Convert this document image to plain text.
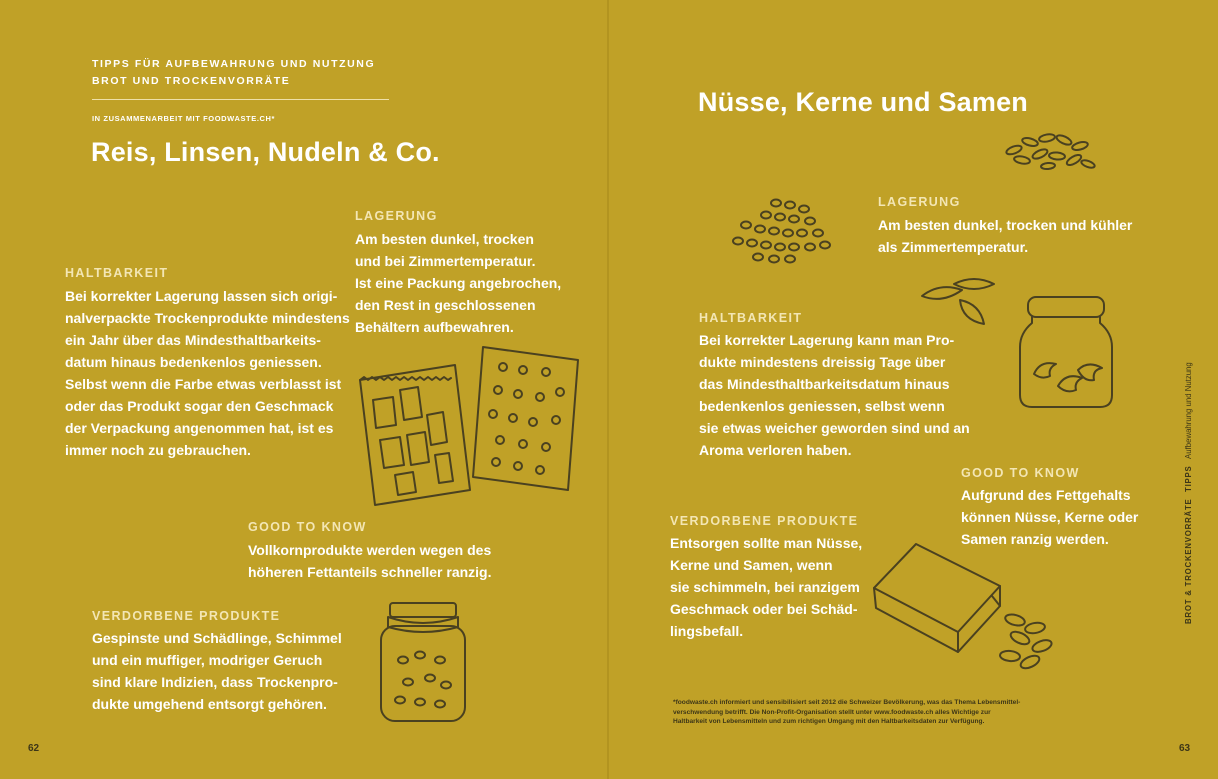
TIPPS FÜR AUFBEWAHRUNG UND NUTZUNG
BROT UND TROCKENVORRÄTE
IN ZUSAMMENARBEIT MIT FOODWASTE.CH*
Reis, Linsen, Nudeln & Co.
LAGERUNG
Am besten dunkel, trocken
und bei Zimmertemperatur.
Ist eine Packung angebrochen,
den Rest in geschlossenen
Behältern aufbewahren.
HALTBARKEIT
Bei korrekter Lagerung lassen sich origi-
nalverpackte Trockenprodukte mindestens
ein Jahr über das Mindesthaltbarkeits-
datum hinaus bedenkenlos geniessen.
Selbst wenn die Farbe etwas verblasst ist
oder das Produkt sogar den Geschmack
der Verpackung angenommen hat, ist es
immer noch zu gebrauchen.
GOOD TO KNOW
Vollkornprodukte werden wegen des
höheren Fettanteils schneller ranzig.
VERDORBENE PRODUKTE
Gespinste und Schädlinge, Schimmel
und ein muffiger, modriger Geruch
sind klare Indizien, dass Trockenpro-
dukte umgehend entsorgt gehören.
62
Nüsse, Kerne und Samen
LAGERUNG
Am besten dunkel, trocken und kühler
als Zimmertemperatur.
HALTBARKEIT
Bei korrekter Lagerung kann man Pro-
dukte mindestens dreissig Tage über
das Mindesthaltbarkeitsdatum hinaus
bedenkenlos geniessen, selbst wenn
sie etwas weicher geworden sind und an
Aroma verloren haben.
GOOD TO KNOW
Aufgrund des Fettgehalts
können Nüsse, Kerne oder
Samen ranzig werden.
VERDORBENE PRODUKTE
Entsorgen sollte man Nüsse,
Kerne und Samen, wenn
sie schimmeln, bei ranzigem
Geschmack oder bei Schäd-
lingsbefall.
*foodwaste.ch informiert und sensibilisiert seit 2012 die Schweizer Bevölkerung, was das Thema Lebensmittel-
verschwendung betrifft. Die Non-Profit-Organisation stellt unter www.foodwaste.ch alles Wichtige zur
Haltbarkeit von Lebensmitteln und zum richtigen Umgang mit den Haltbarkeitsdaten zur Verfügung.
63
BROT & TROCKENVORRÄTE   TIPPS   Aufbewahrung und Nutzung
